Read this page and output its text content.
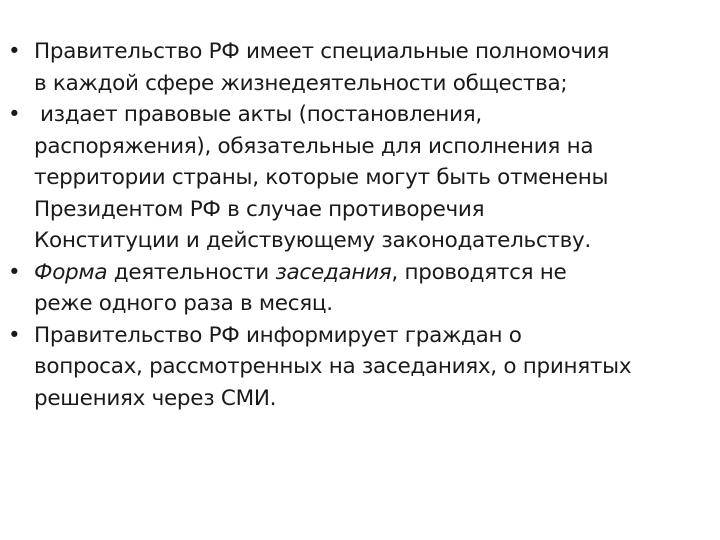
• Правительство РФ имеет специальные полномочия
в каждой сфере жизнедеятельности общества;
• издает правовые акты (постановления,
распоряжения), обязательные для исполнения на
территории страны, которые могут быть отменены
Президентом РФ в случае противоречия
Конституции и действующему законодательству.
• Форма деятельности заседания, проводятся не
реже одного раза в месяц.
• Правительство РФ информирует граждан о
вопросах, рассмотренных на заседаниях, о принятых
решениях через СМИ.
